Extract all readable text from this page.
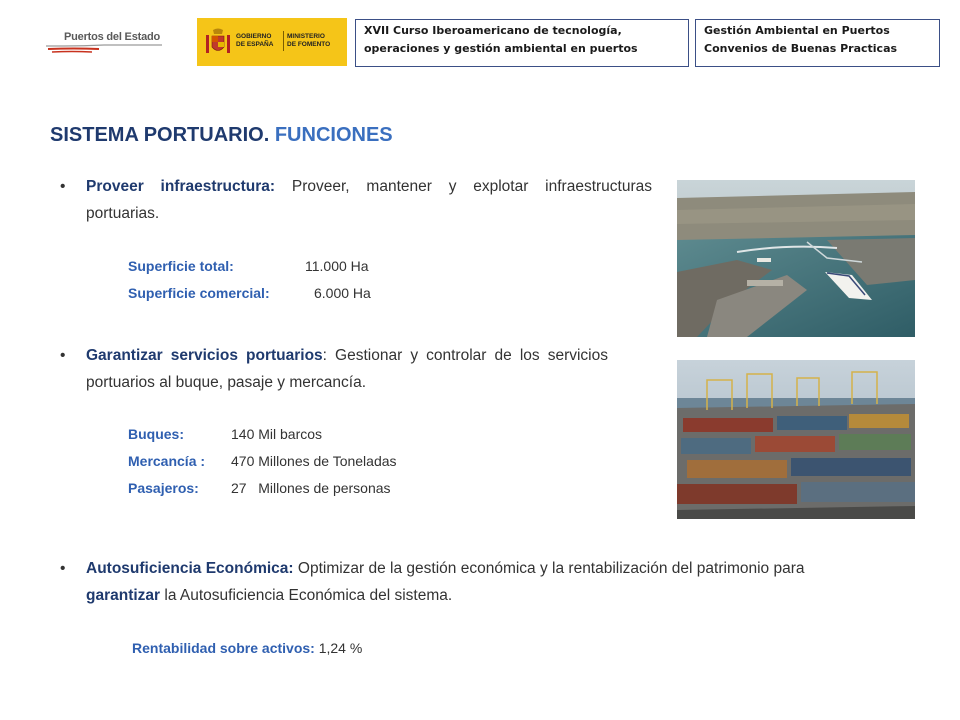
Puertos del Estado	GOBIERNO
DE ESPAÑA
MINISTERIO
DE FOMENTO
XVII Curso Iberoamericano de tecnología,
operaciones y gestión ambiental en puertos
Gestión Ambiental en Puertos
Convenios de Buenas Practicas
SISTEMA PORTUARIO. FUNCIONES
• Proveer infraestructura: Proveer, mantener y explotar infraestructuras portuarias.
Superficie total:	11.000 Ha
Superficie comercial:	6.000 Ha
• Garantizar servicios portuarios: Gestionar y controlar de los servicios portuarios al buque, pasaje y mercancía.
Buques:	140 Mil barcos
Mercancía : 470 Millones de Toneladas
Pasajeros: 27   Millones de personas
• Autosuficiencia Económica: Optimizar de la gestión económica y la rentabilización del patrimonio para garantizar la Autosuficiencia Económica del sistema.
Rentabilidad sobre activos: 1,24 %
